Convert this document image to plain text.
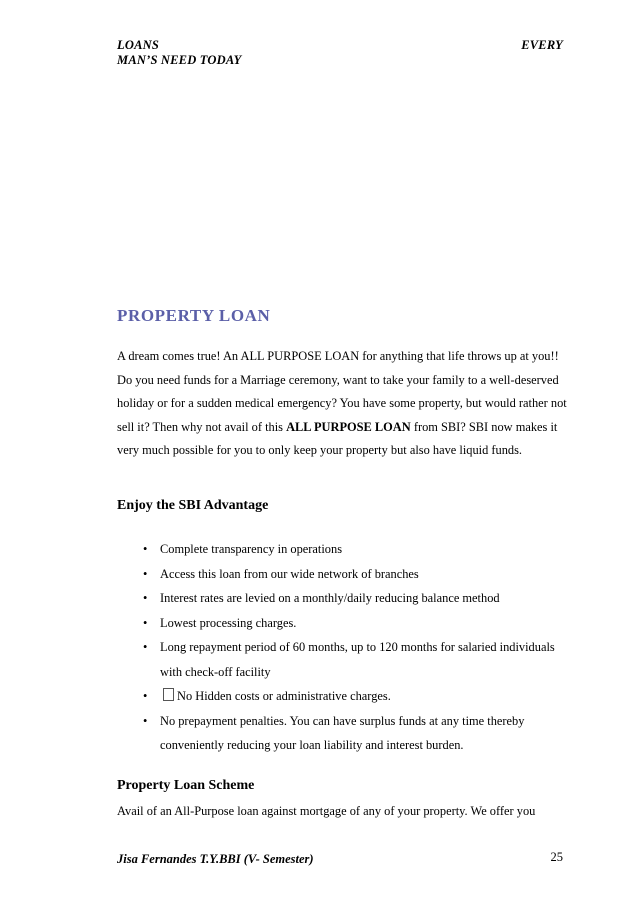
LOANS	EVERY
MAN’S NEED TODAY
PROPERTY LOAN

A dream comes true! An ALL PURPOSE LOAN for anything that life throws up at you!! Do you need funds for a Marriage ceremony, want to take your family to a well-deserved holiday or for a sudden medical emergency? You have some property, but would rather not sell it? Then why not avail of this ALL PURPOSE LOAN from SBI? SBI now makes it very much possible for you to only keep your property but also have liquid funds.

Enjoy the SBI Advantage
• Complete transparency in operations
• Access this loan from our wide network of branches
• Interest rates are levied on a monthly/daily reducing balance method
• Lowest processing charges.
• Long repayment period of 60 months, up to 120 months for salaried individuals with check-off facility
• No Hidden costs or administrative charges.
• No prepayment penalties. You can have surplus funds at any time thereby conveniently reducing your loan liability and interest burden.
Property Loan Scheme

Avail of an All-Purpose loan against mortgage of any of your property. We offer you

Jisa Fernandes T.Y.BBI (V- Semester)	25
